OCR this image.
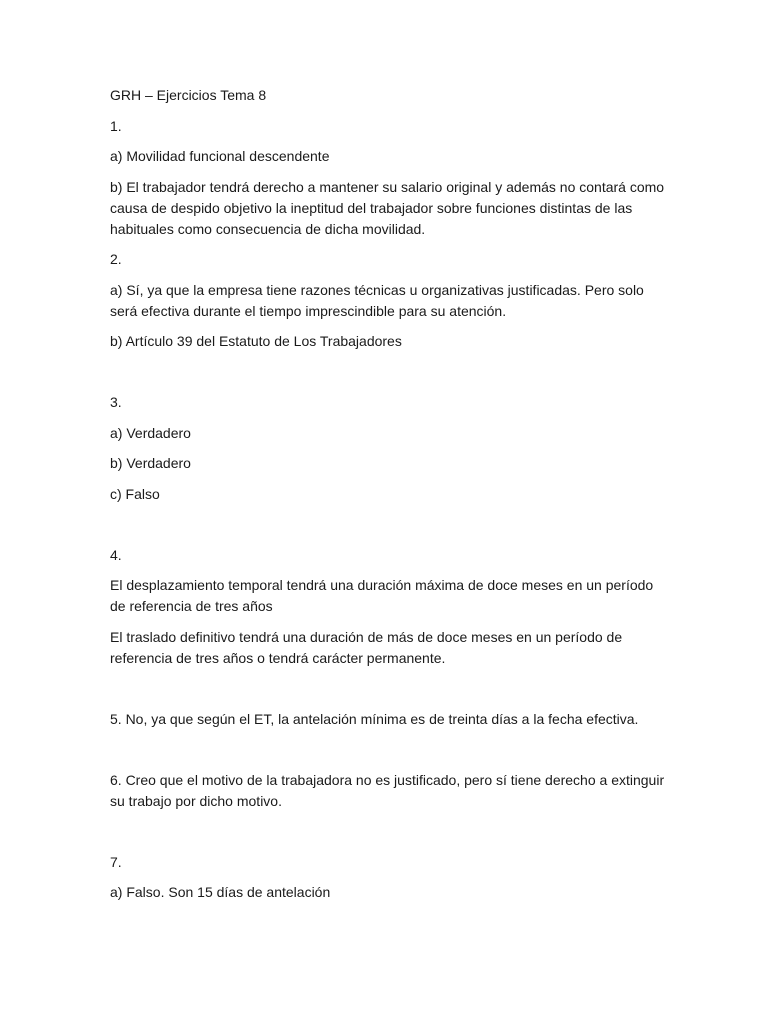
GRH – Ejercicios Tema 8

1.

a) Movilidad funcional descendente

b) El trabajador tendrá derecho a mantener su salario original y además no contará como causa de despido objetivo la ineptitud del trabajador sobre funciones distintas de las habituales como consecuencia de dicha movilidad.

2.

a) Sí, ya que la empresa tiene razones técnicas u organizativas justificadas. Pero solo será efectiva durante el tiempo imprescindible para su atención.

b) Artículo 39 del Estatuto de Los Trabajadores

3.

a) Verdadero

b) Verdadero

c) Falso

4.

El desplazamiento temporal tendrá una duración máxima de doce meses en un período de referencia de tres años

El traslado definitivo tendrá una duración de más de doce meses en un período de referencia de tres años o tendrá carácter permanente.

5. No, ya que según el ET, la antelación mínima es de treinta días a la fecha efectiva.

6. Creo que el motivo de la trabajadora no es justificado, pero sí tiene derecho a extinguir su trabajo por dicho motivo.

7.

a) Falso. Son 15 días de antelación
